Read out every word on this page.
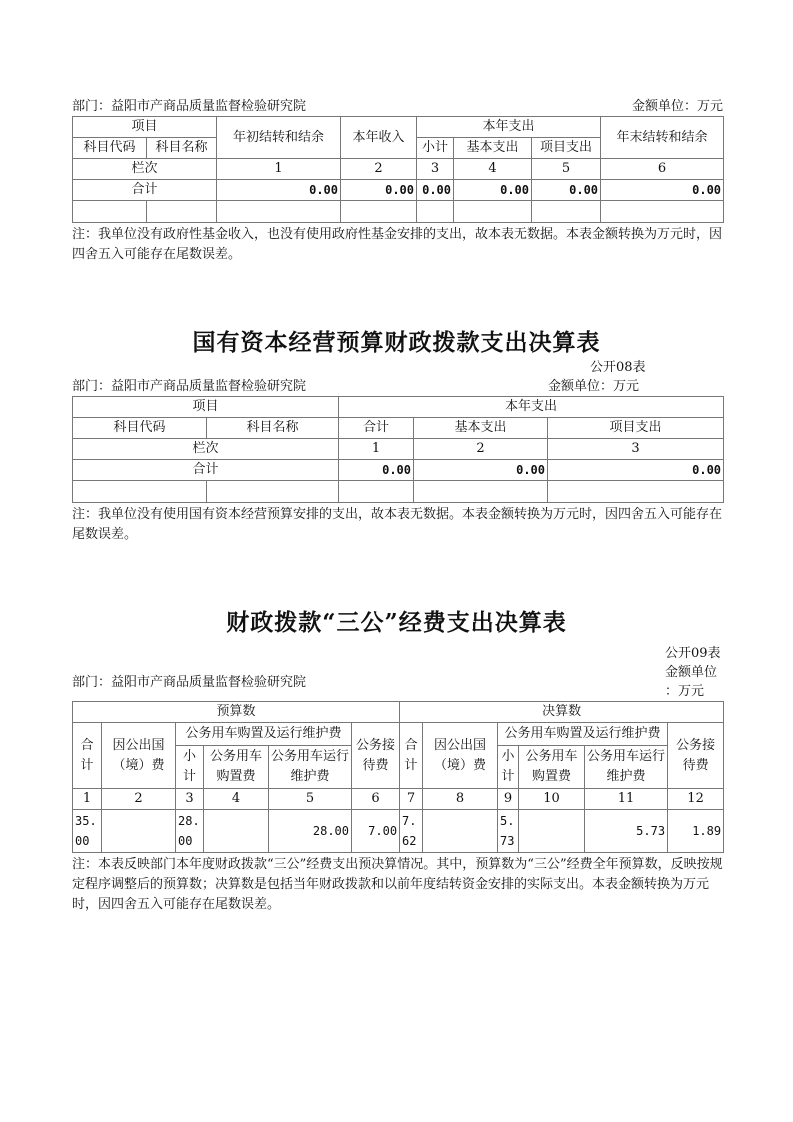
部门：益阳市产商品质量监督检验研究院	金额单位：万元
项目		年初结转和结余	本年收入	本年支出			年末结转和结余
科目代码	科目名称			小计	基本支出	项目支出	
栏次		1	2	3	4	5	6
合计		0.00	0.00	0.00	0.00	0.00	0.00

注：我单位没有政府性基金收入，也没有使用政府性基金安排的支出，故本表无数据。本表金额转换为万元时，因四舍五入可能存在尾数误差。
国有资本经营预算财政拨款支出决算表
公开08表
部门：益阳市产商品质量监督检验研究院	金额单位：万元
项目		本年支出		
科目代码	科目名称	合计	基本支出	项目支出
栏次		1	2	3
合计		0.00	0.00	0.00

注：我单位没有使用国有资本经营预算安排的支出，故本表无数据。本表金额转换为万元时，因四舍五入可能存在尾数误差。
财政拨款“三公”经费支出决算表
部门：益阳市产商品质量监督检验研究院
公开09表
金额单位
：万元
预算数						决算数					
合计	因公出国（境）费	公务用车购置及运行维护费			公务接待费	合计	因公出国（境）费	公务用车购置及运行维护费			公务接待费
		小计	公务用车购置费	公务用车运行维护费				小计	公务用车购置费	公务用车运行维护费	
1	2	3	4	5	6	7	8	9	10	11	12
35.00		28.00		28.00	7.00	7.62		5.73		5.73	1.89
注：本表反映部门本年度财政拨款“三公”经费支出预决算情况。其中，预算数为“三公”经费全年预算数，反映按规定程序调整后的预算数；决算数是包括当年财政拨款和以前年度结转资金安排的实际支出。本表金额转换为万元时，因四舍五入可能存在尾数误差。
